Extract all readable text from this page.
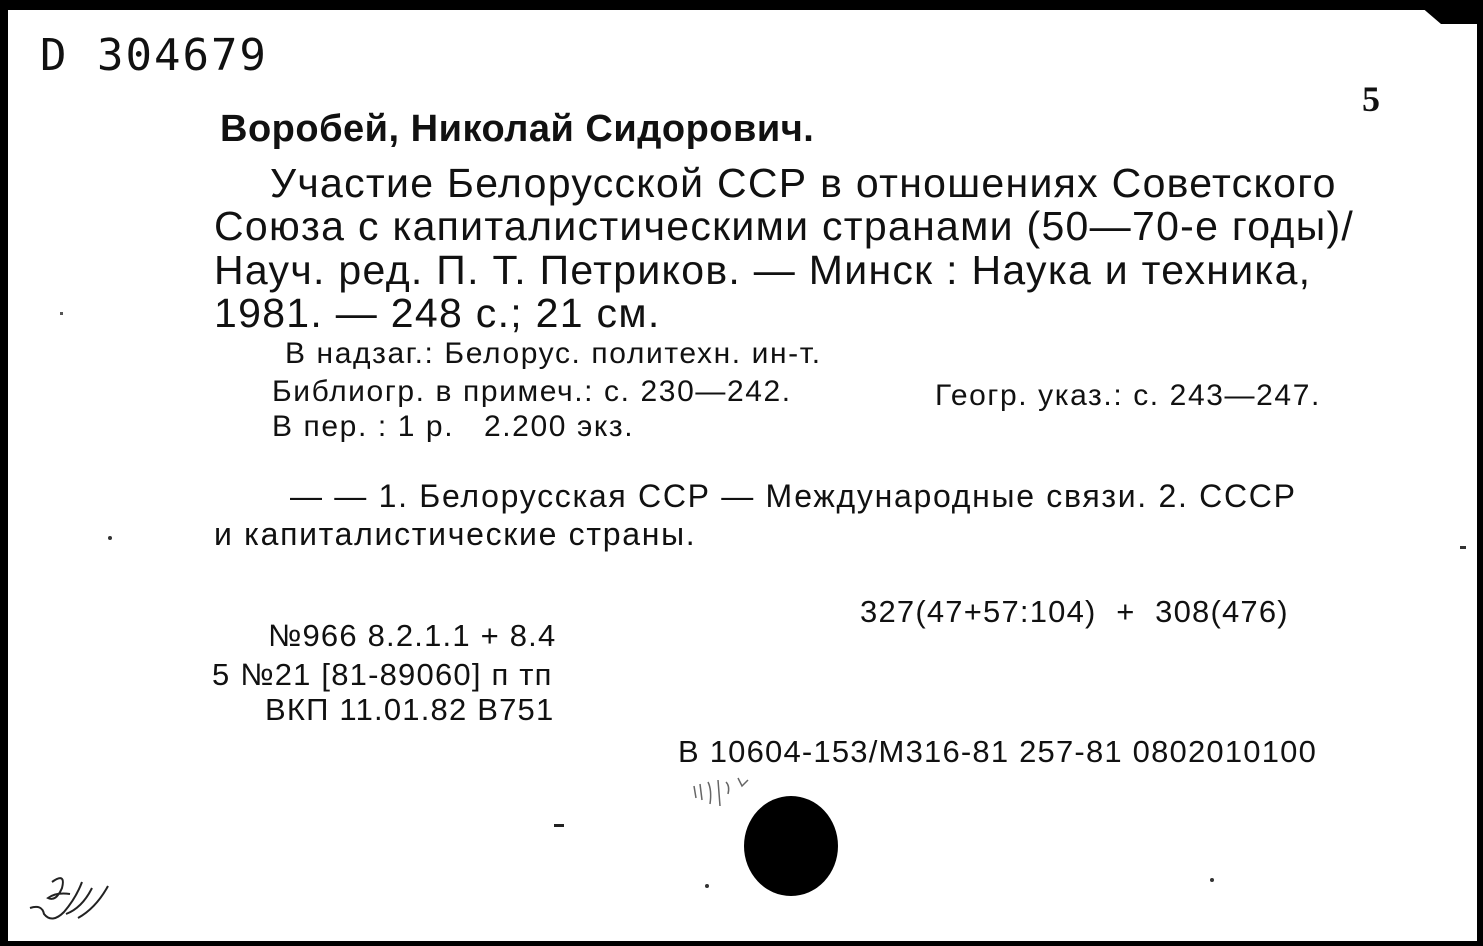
D 304679
5
Воробей, Николай Сидорович.
Участие Белорусской ССР в отношениях Советского
Союза с капиталистическими странами (50—70-е годы)/
Науч. ред. П. Т. Петриков. — Минск : Наука и техника,
1981. — 248 с.; 21 см.
В надзаг.: Белорус. политехн. ин-т.
Библиогр. в примеч.: с. 230—242.	Геогр. указ.: с. 243—247.
В пер. : 1 р.   2.200 экз.
— — 1. Белорусская ССР — Международные связи. 2. СССР
и капиталистические страны.
327(47+57:104)  +  308(476)
№966 8.2.1.1 + 8.4
5 №21 [81-89060] п тп
ВКП 11.01.82 В751
В 10604-153/М316-81 257-81 0802010100
